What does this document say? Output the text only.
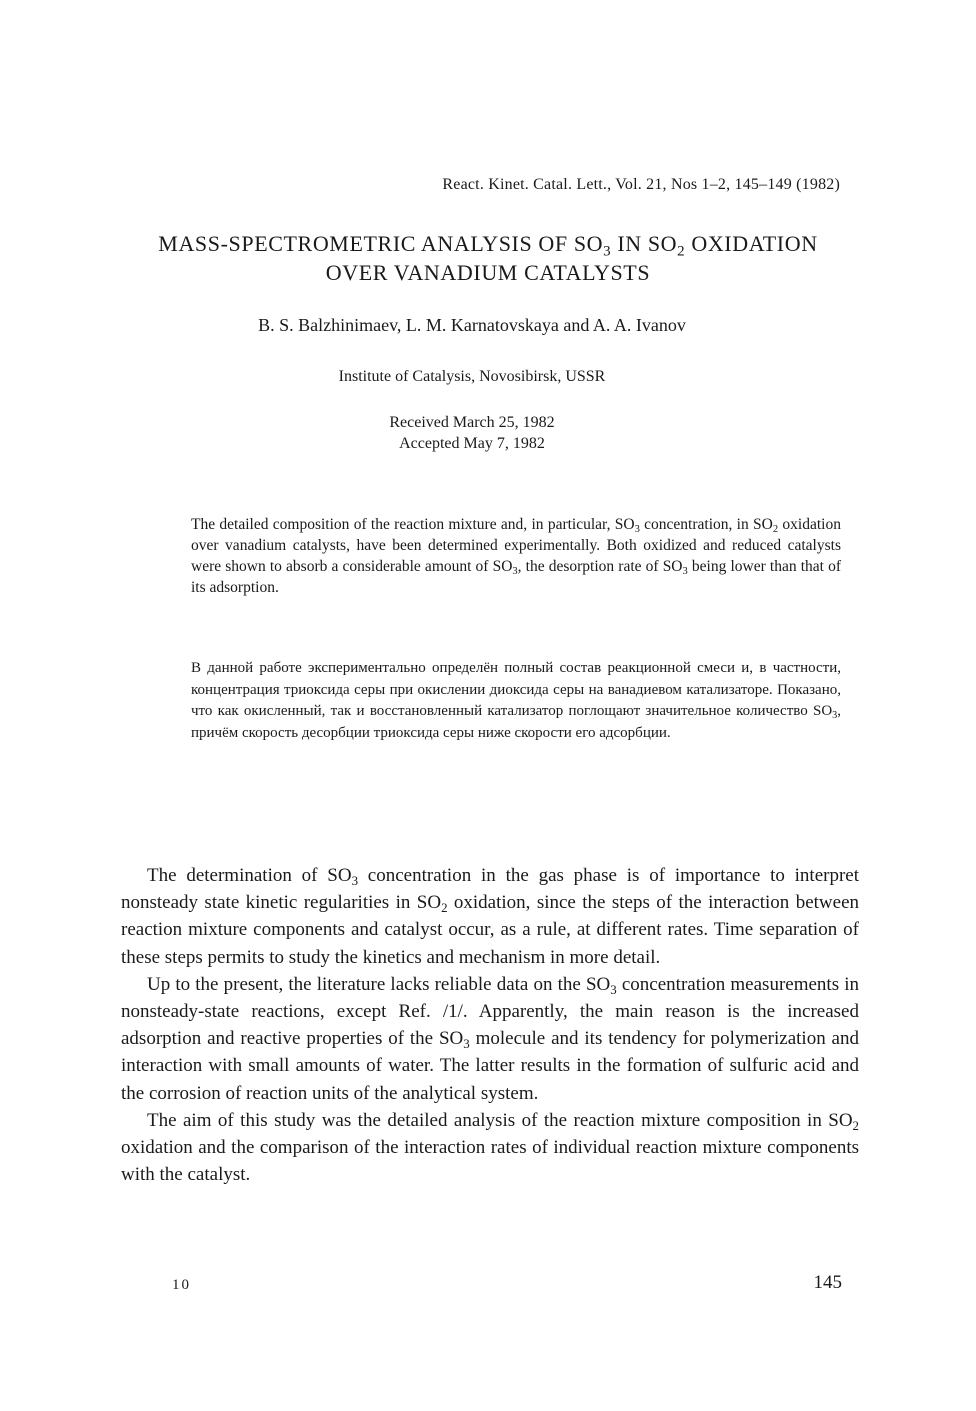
React. Kinet. Catal. Lett., Vol. 21, Nos 1–2, 145–149 (1982)
MASS-SPECTROMETRIC ANALYSIS OF $SO_3$ IN $SO_2$ OXIDATION
OVER VANADIUM CATALYSTS
B. S. Balzhinimaev, L. M. Karnatovskaya and A. A. Ivanov
Institute of Catalysis, Novosibirsk, USSR
Received March 25, 1982
Accepted May 7, 1982
The detailed composition of the reaction mixture and, in particular, $SO_3$ concentration, in $SO_2$ oxidation over vanadium catalysts, have been determined experimentally. Both oxidized and reduced catalysts were shown to absorb a considerable amount of $SO_3$, the desorption rate of $SO_3$ being lower than that of its adsorption.
В данной работе экспериментально определён полный состав реакционной смеси и, в частности, концентрация триоксида серы при окислении диоксида серы на ванадиевом катализаторе. Показано, что как окисленный, так и восстановленный катализатор поглощают значительное количество $SO_3$, причём скорость десорбции триоксида серы ниже скорости его адсорбции.

The determination of $SO_3$ concentration in the gas phase is of importance to interpret nonsteady state kinetic regularities in $SO_2$ oxidation, since the steps of the interaction between reaction mixture components and catalyst occur, as a rule, at different rates. Time separation of these steps permits to study the kinetics and mechanism in more detail.

Up to the present, the literature lacks reliable data on the $SO_3$ concentration measurements in nonsteady-state reactions, except Ref. /1/. Apparently, the main reason is the increased adsorption and reactive properties of the $SO_3$ molecule and its tendency for polymerization and interaction with small amounts of water. The latter results in the formation of sulfuric acid and the corrosion of reaction units of the analytical system.

The aim of this study was the detailed analysis of the reaction mixture composition in $SO_2$ oxidation and the comparison of the interaction rates of individual reaction mixture components with the catalyst.

10	145
